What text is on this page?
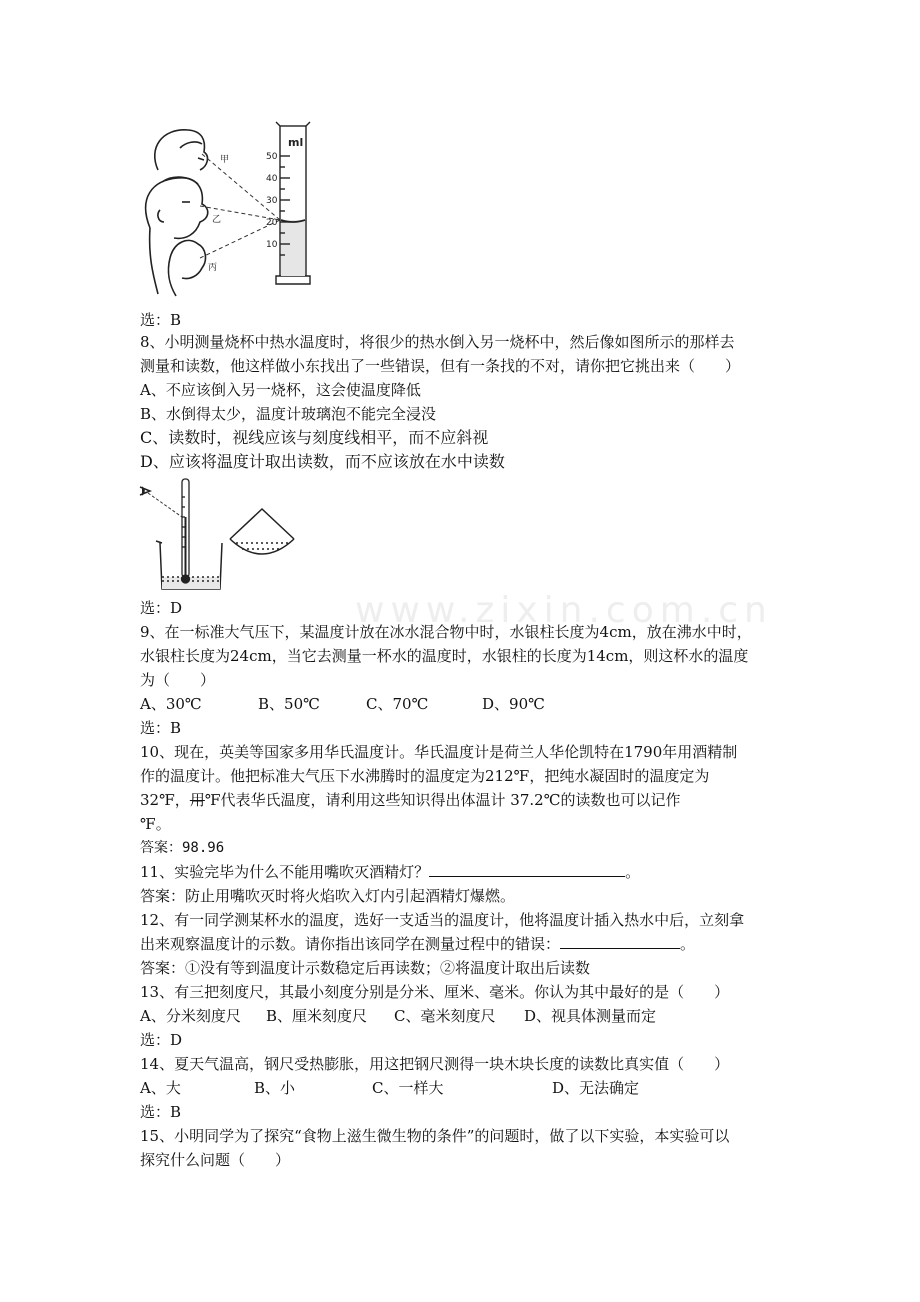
www.zixin.com.cn
甲
乙
丙
ml
50
40
30
20
10
选：B
8、小明测量烧杯中热水温度时，将很少的热水倒入另一烧杯中，然后像如图所示的那样去
测量和读数，他这样做小东找出了一些错误，但有一条找的不对，请你把它挑出来（　　）
A、不应该倒入另一烧杯，这会使温度降低
B、水倒得太少，温度计玻璃泡不能完全浸没
C、读数时，视线应该与刻度线相平，而不应斜视
D、应该将温度计取出读数，而不应该放在水中读数
选：D
9、在一标准大气压下，某温度计放在冰水混合物中时，水银柱长度为4cm，放在沸水中时，
水银柱长度为24cm，当它去测量一杯水的温度时，水银柱的长度为14cm，则这杯水的温度
为（　　）
A、30℃	B、50℃	C、70℃	D、90℃
选：B
10、现在，英美等国家多用华氏温度计。华氏温度计是荷兰人华伦凯特在1790年用酒精制
作的温度计。他把标准大气压下水沸腾时的温度定为212℉，把纯水凝固时的温度定为
32℉，用℉代表华氏温度，请利用这些知识得出体温计 37.2℃的读数也可以记作
℉。
答案：98.96
11、实验完毕为什么不能用嘴吹灭酒精灯？	。
答案：防止用嘴吹灭时将火焰吹入灯内引起酒精灯爆燃。
12、有一同学测某杯水的温度，选好一支适当的温度计，他将温度计插入热水中后，立刻拿
出来观察温度计的示数。请你指出该同学在测量过程中的错误：	。
答案：①没有等到温度计示数稳定后再读数；②将温度计取出后读数
13、有三把刻度尺，其最小刻度分别是分米、厘米、毫米。你认为其中最好的是（　　）
A、分米刻度尺 B、厘米刻度尺 C、毫米刻度尺 D、视具体测量而定
选：D
14、夏天气温高，钢尺受热膨胀，用这把钢尺测得一块木块长度的读数比真实值（　　）
A、大	B、小	C、一样大	D、无法确定
选：B
15、小明同学为了探究“食物上滋生微生物的条件”的问题时，做了以下实验，本实验可以
探究什么问题（　　）
